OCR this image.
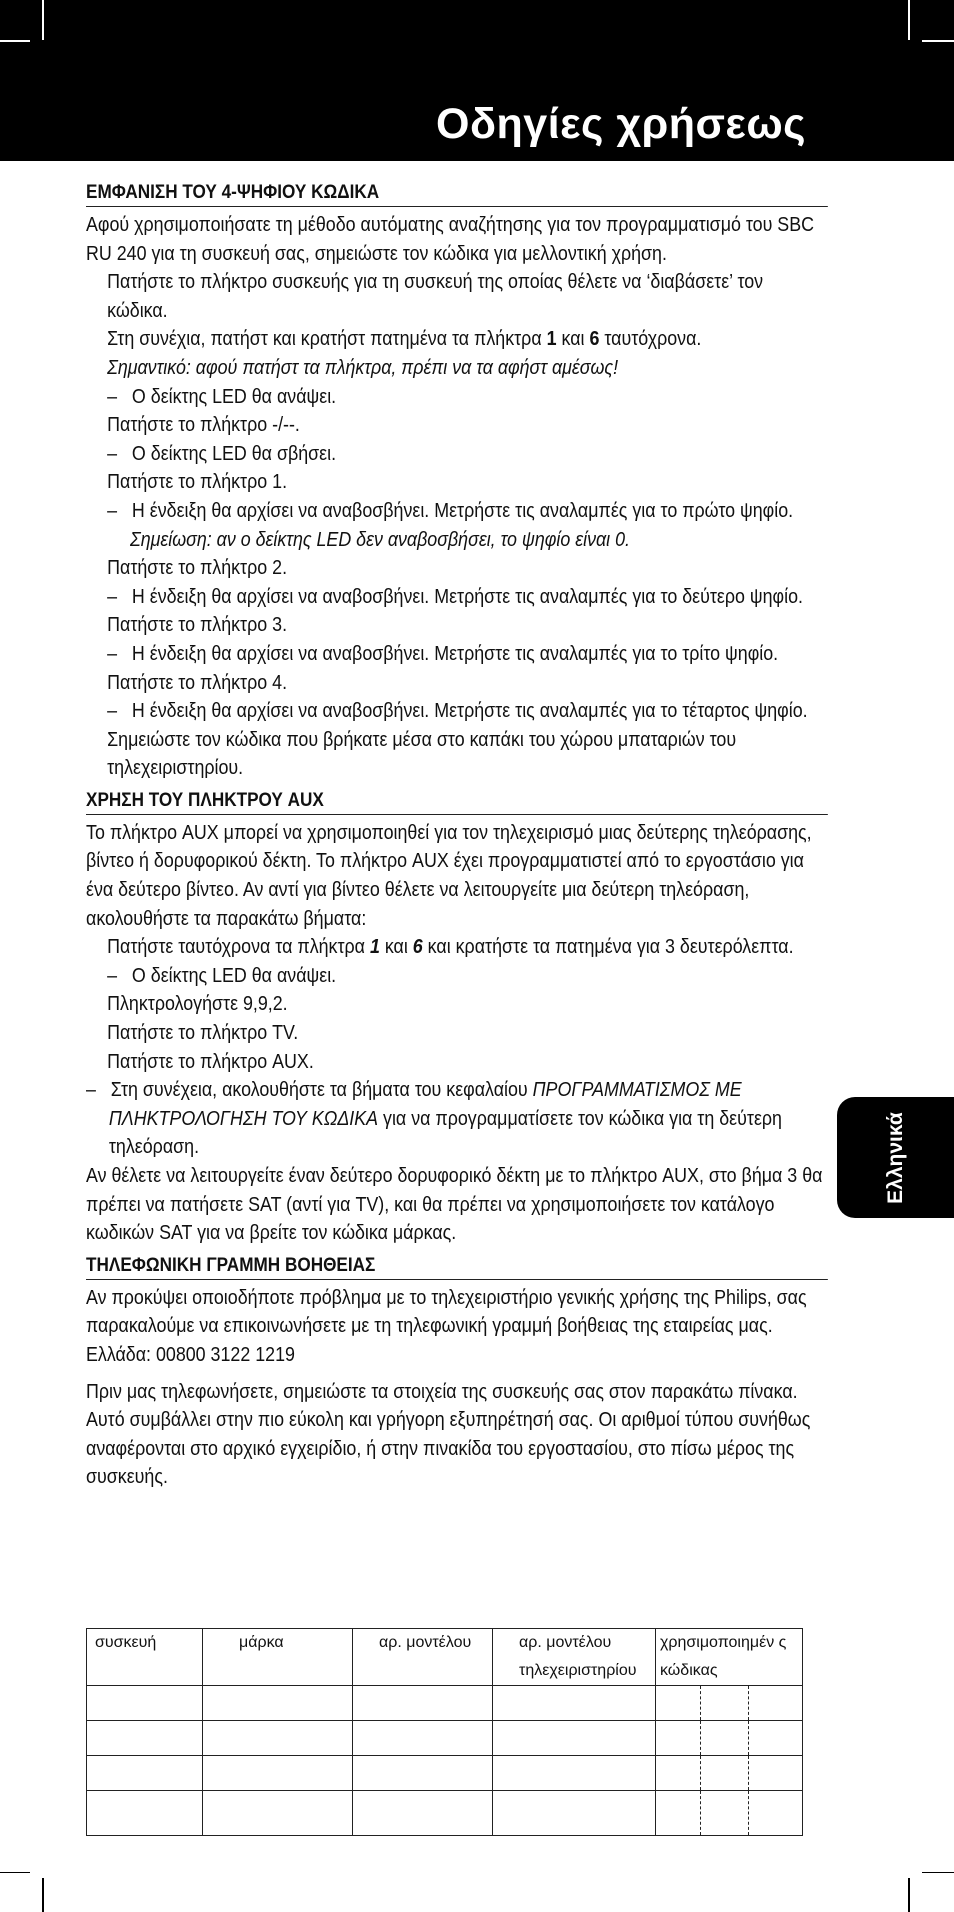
Οδηγίες χρήσεως
Ελληνικά
ΕΜΦΑΝΙΣΗ ΤΟΥ 4-ΨΗΦΙΟΥ ΚΩΔΙΚΑ

Αφού χρησιμοποιήσατε τη μέθοδο αυτόματης αναζήτησης για τον προγραμματισμό του SBC RU 240 για τη συσκευή σας, σημειώστε τον κώδικα για μελλοντική χρήση.

Πατήστε το πλήκτρο συσκευής για τη συσκευή της οποίας θέλετε να ‘διαβάσετε’ τον κώδικα.

Στη συνέχια, πατήστ και κρατήστ πατημένα τα πλήκτρα 1 και 6 ταυτόχρονα.

Σημαντικό: αφού πατήστ τα πλήκτρα, πρέπι να τα αφήστ αμέσως!

–   Ο δείκτης LED θα ανάψει.

Πατήστε το πλήκτρο -/--.

–   Ο δείκτης LED θα σβήσει.

Πατήστε το πλήκτρο 1.

–   Η ένδειξη θα αρχίσει να αναβοσβήνει. Μετρήστε τις αναλαμπές για το πρώτο ψηφίο. Σημείωση: αν ο δείκτης LED δεν αναβοσβήσει, το ψηφίο είναι 0.

Πατήστε το πλήκτρο 2.

–   Η ένδειξη θα αρχίσει να αναβοσβήνει. Μετρήστε τις αναλαμπές για το δεύτερο ψηφίο.

Πατήστε το πλήκτρο 3.

–   Η ένδειξη θα αρχίσει να αναβοσβήνει. Μετρήστε τις αναλαμπές για το τρίτο ψηφίο.

Πατήστε το πλήκτρο 4.

–   Η ένδειξη θα αρχίσει να αναβοσβήνει. Μετρήστε τις αναλαμπές για το τέταρτος ψηφίο.

Σημειώστε τον κώδικα που βρήκατε μέσα στο καπάκι του χώρου μπαταριών του τηλεχειριστηρίου.

ΧΡΗΣΗ ΤΟΥ ΠΛΗΚΤΡΟΥ AUX

Το πλήκτρο AUX μπορεί να χρησιμοποιηθεί για τον τηλεχειρισμό μιας δεύτερης τηλεόρασης, βίντεο ή δορυφορικού δέκτη. Το πλήκτρο AUX έχει προγραμματιστεί από το εργοστάσιο για ένα δεύτερο βίντεο. Αν αντί για βίντεο θέλετε να λειτουργείτε μια δεύτερη τηλεόραση, ακολουθήστε τα παρακάτω βήματα:

Πατήστε ταυτόχρονα τα πλήκτρα 1 και 6 και κρατήστε τα πατημένα για 3 δευτερόλεπτα.

–   Ο δείκτης LED θα ανάψει.

Πληκτρολογήστε 9,9,2.

Πατήστε το πλήκτρο TV.

Πατήστε το πλήκτρο AUX.

–   Στη συνέχεια, ακολουθήστε τα βήματα του κεφαλαίου ΠΡΟΓΡΑΜΜΑΤΙΣΜΟΣ ΜΕ ΠΛΗΚΤΡΟΛΟΓΗΣΗ ΤΟΥ ΚΩΔΙΚΑ για να προγραμματίσετε τον κώδικα για τη δεύτερη τηλεόραση.

Αν θέλετε να λειτουργείτε έναν δεύτερο δορυφορικό δέκτη με το πλήκτρο AUX, στο βήμα 3 θα πρέπει να πατήσετε SAT (αντί για TV), και θα πρέπει να χρησιμοποιήσετε τον κατάλογο κωδικών SAT για να βρείτε τον κώδικα μάρκας.

ΤΗΛΕΦΩΝΙΚΗ ΓΡΑΜΜΗ ΒΟΗΘΕΙΑΣ

Αν προκύψει οποιοδήποτε πρόβλημα με το τηλεχειριστήριο γενικής χρήσης της Philips, σας παρακαλούμε να επικοινωνήσετε με τη τηλεφωνική γραμμή βοήθειας της εταιρείας μας. Ελλάδα: 00800 3122 1219

Πριν μας τηλεφωνήσετε, σημειώστε τα στοιχεία της συσκευής σας στον παρακάτω πίνακα. Αυτό συμβάλλει στην πιο εύκολη και γρήγορη εξυπηρέτησή σας. Οι αριθμοί τύπου συνήθως αναφέρονται στο αρχικό εγχειρίδιο, ή στην πινακίδα του εργοστασίου, στο πίσω μέρος της συσκευής.

συσκευή	μάρκα	αρ. μοντέλου	αρ. μοντέλου τηλεχειριστηρίου	χρησιμοποιημέν ς κώδικας
